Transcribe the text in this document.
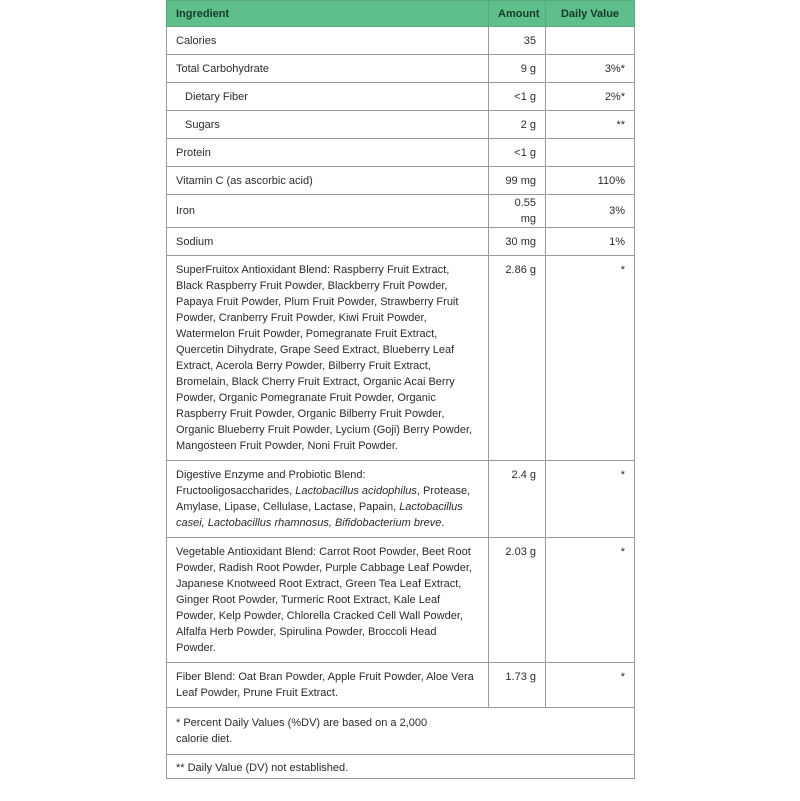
Ingredient	Amount	Daily Value
Calories	35	
Total Carbohydrate	9 g	3%*
Dietary Fiber	<1 g	2%*
Sugars	2 g	**
Protein	<1 g	
Vitamin C (as ascorbic acid)	99 mg	110%
Iron	0.55 mg	3%
Sodium	30 mg	1%
SuperFruitox Antioxidant Blend: Raspberry Fruit Extract, Black Raspberry Fruit Powder, Blackberry Fruit Powder, Papaya Fruit Powder, Plum Fruit Powder, Strawberry Fruit Powder, Cranberry Fruit Powder, Kiwi Fruit Powder, Watermelon Fruit Powder, Pomegranate Fruit Extract, Quercetin Dihydrate, Grape Seed Extract, Blueberry Leaf Extract, Acerola Berry Powder, Bilberry Fruit Extract, Bromelain, Black Cherry Fruit Extract, Organic Acai Berry Powder, Organic Pomegranate Fruit Powder, Organic Raspberry Fruit Powder, Organic Bilberry Fruit Powder, Organic Blueberry Fruit Powder, Lycium (Goji) Berry Powder, Mangosteen Fruit Powder, Noni Fruit Powder.	2.86 g	*
Digestive Enzyme and Probiotic Blend: Fructooligosaccharides, Lactobacillus acidophilus, Protease, Amylase, Lipase, Cellulase, Lactase, Papain, Lactobacillus casei, Lactobacillus rhamnosus, Bifidobacterium breve.	2.4 g	*
Vegetable Antioxidant Blend: Carrot Root Powder, Beet Root Powder, Radish Root Powder, Purple Cabbage Leaf Powder, Japanese Knotweed Root Extract, Green Tea Leaf Extract, Ginger Root Powder, Turmeric Root Extract, Kale Leaf Powder, Kelp Powder, Chlorella Cracked Cell Wall Powder, Alfalfa Herb Powder, Spirulina Powder, Broccoli Head Powder.	2.03 g	*
Fiber Blend: Oat Bran Powder, Apple Fruit Powder, Aloe Vera Leaf Powder, Prune Fruit Extract.	1.73 g	*

* Percent Daily Values (%DV) are based on a 2,000 calorie diet.		

** Daily Value (DV) not established.		
